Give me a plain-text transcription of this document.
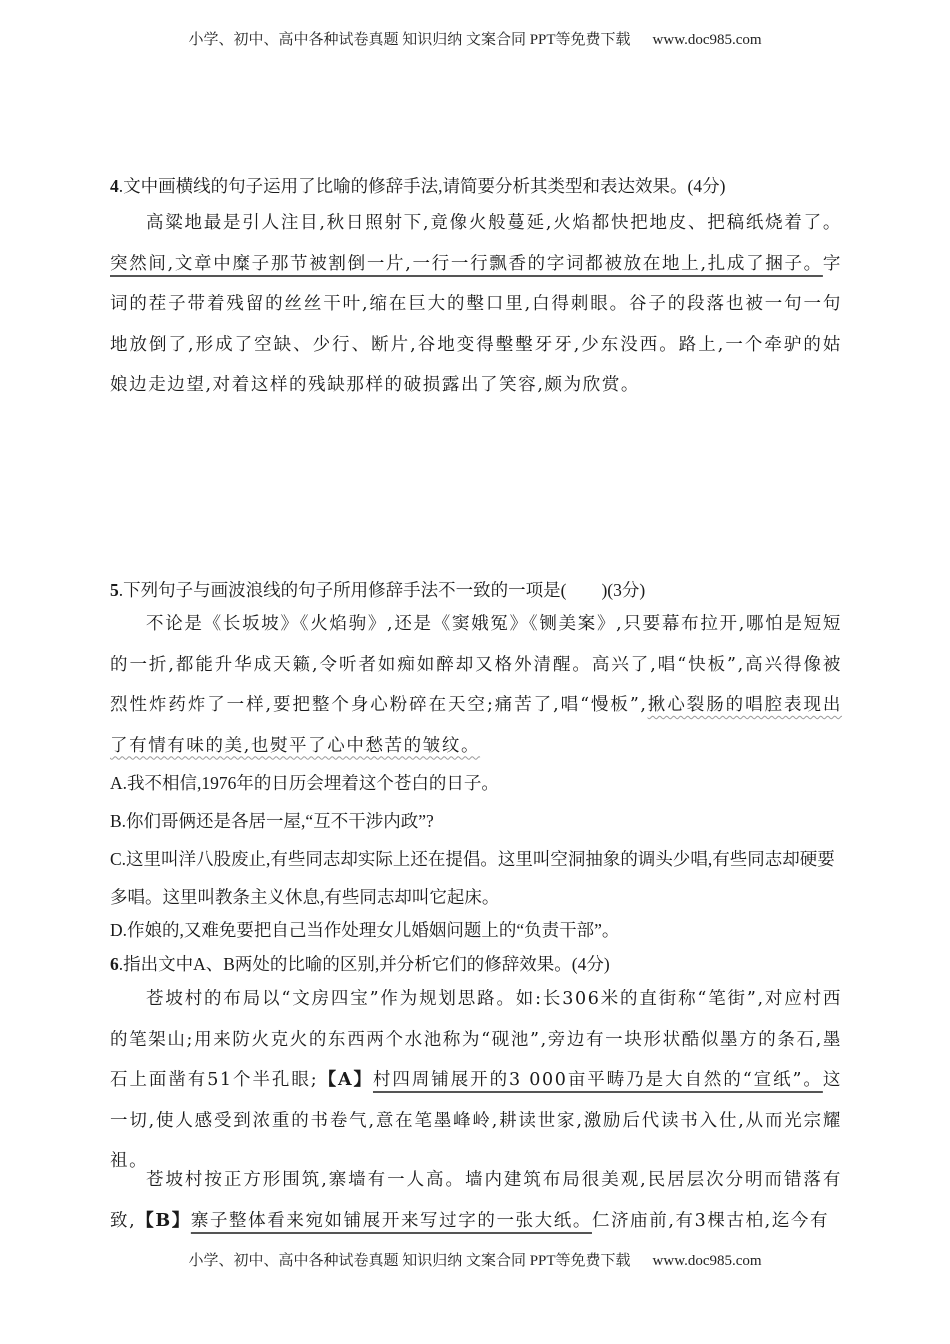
小学、初中、高中各种试卷真题 知识归纳 文案合同 PPT等免费下载 www.doc985.com
4.文中画横线的句子运用了比喻的修辞手法,请简要分析其类型和表达效果。(4分)
高粱地最是引人注目,秋日照射下,竟像火般蔓延,火焰都快把地皮、把稿纸烧着了。突然间,文章中糜子那节被割倒一片,一行一行飘香的字词都被放在地上,扎成了捆子。字词的茬子带着残留的丝丝干叶,缩在巨大的墼口里,白得刺眼。谷子的段落也被一句一句地放倒了,形成了空缺、少行、断片,谷地变得墼墼牙牙,少东没西。路上,一个牵驴的姑娘边走边望,对着这样的残缺那样的破损露出了笑容,颇为欣赏。
5.下列句子与画波浪线的句子所用修辞手法不一致的一项是(　　)(3分)
不论是《长坂坡》《火焰驹》,还是《窦娥冤》《铡美案》,只要幕布拉开,哪怕是短短的一折,都能升华成天籁,令听者如痴如醉却又格外清醒。高兴了,唱“快板”,高兴得像被烈性炸药炸了一样,要把整个身心粉碎在天空;痛苦了,唱“慢板”,揪心裂肠的唱腔表现出了有情有味的美,也熨平了心中愁苦的皱纹。
A.我不相信,1976年的日历会埋着这个苍白的日子。
B.你们哥俩还是各居一屋,“互不干涉内政”?
C.这里叫洋八股废止,有些同志却实际上还在提倡。这里叫空洞抽象的调头少唱,有些同志却硬要多唱。这里叫教条主义休息,有些同志却叫它起床。
D.作娘的,又难免要把自己当作处理女儿婚姻问题上的“负责干部”。
6.指出文中A、B两处的比喻的区别,并分析它们的修辞效果。(4分)
苍坡村的布局以“文房四宝”作为规划思路。如:长306米的直街称“笔街”,对应村西的笔架山;用来防火克火的东西两个水池称为“砚池”,旁边有一块形状酷似墨方的条石,墨石上面凿有51个半孔眼;【A】村四周铺展开的3 000亩平畴乃是大自然的“宣纸”。这一切,使人感受到浓重的书卷气,意在笔墨峰岭,耕读世家,激励后代读书入仕,从而光宗耀祖。
苍坡村按正方形围筑,寨墙有一人高。墙内建筑布局很美观,民居层次分明而错落有致,【B】寨子整体看来宛如铺展开来写过字的一张大纸。仁济庙前,有3棵古柏,迄今有
小学、初中、高中各种试卷真题 知识归纳 文案合同 PPT等免费下载 www.doc985.com
